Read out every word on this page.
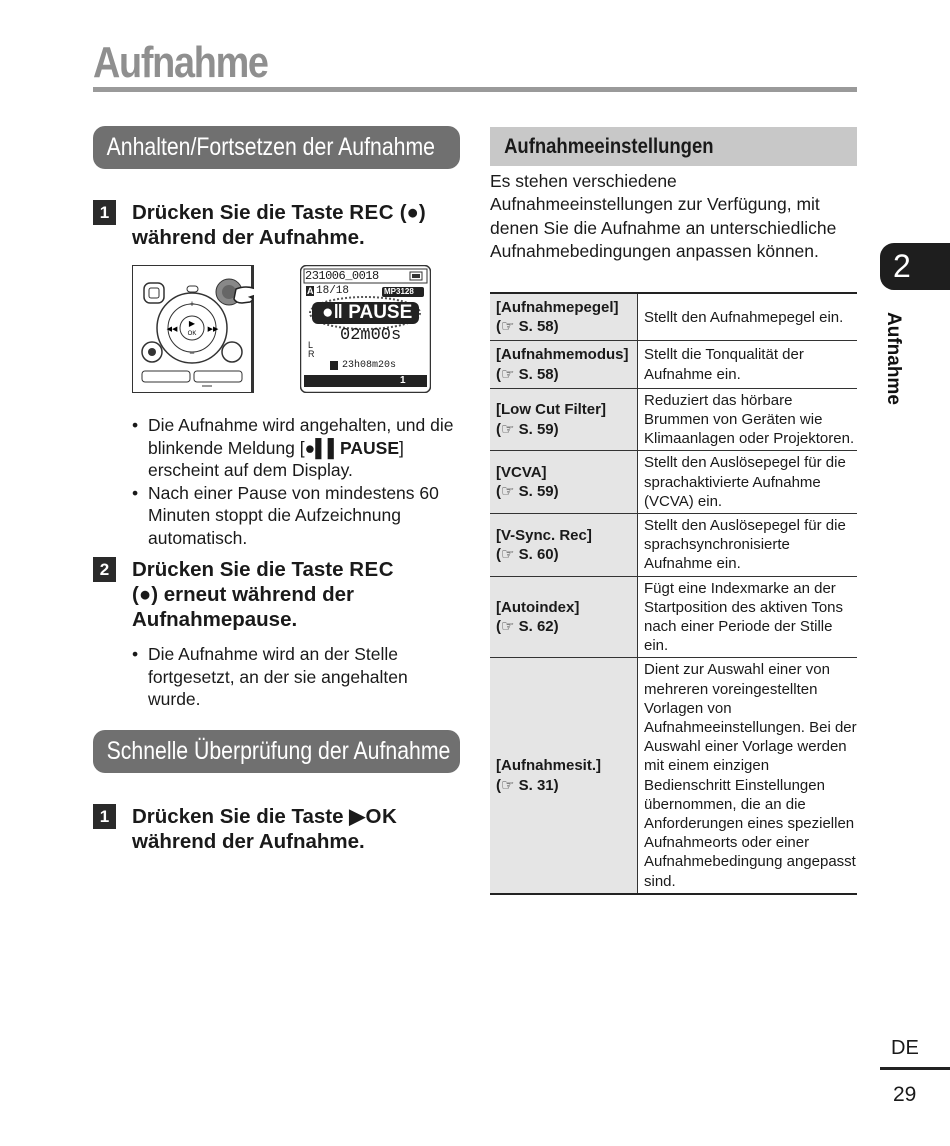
Aufnahme
2
Aufnahme
Anhalten/Fortsetzen der Aufnahme
1	Drücken Sie die Taste REC (●)
während der Aufnahme.
▶
OK
+
−
◀◀	▶▶
231006_0018
A 18/18	MP3128
●‖ PAUSE
02m00s
L
R
23h08m20s
1
• Die Aufnahme wird angehalten, und die blinkende Meldung [●▌▌PAUSE] erscheint auf dem Display.
• Nach einer Pause von mindestens 60 Minuten stoppt die Aufzeichnung automatisch.
2	Drücken Sie die Taste REC
(●) erneut während der Aufnahmepause.
• Die Aufnahme wird an der Stelle fortgesetzt, an der sie angehalten wurde.
Schnelle Überprüfung der Aufnahme
1	Drücken Sie die Taste ▶OK
während der Aufnahme.
Aufnahmeeinstellungen
Es stehen verschiedene Aufnahmeeinstellungen zur Verfügung, mit denen Sie die Aufnahme an unterschiedliche Aufnahmebedingungen anpassen können.
[Aufnahmepegel]
(☞ S. 58)	Stellt den Aufnahmepegel ein.
[Aufnahmemodus]
(☞ S. 58)	Stellt die Tonqualität der Aufnahme ein.
[Low Cut Filter]
(☞ S. 59)	Reduziert das hörbare Brummen von Geräten wie Klimaanlagen oder Projektoren.
[VCVA]
(☞ S. 59)	Stellt den Auslösepegel für die sprachaktivierte Aufnahme (VCVA) ein.
[V-Sync. Rec]
(☞ S. 60)	Stellt den Auslösepegel für die sprachsynchronisierte Aufnahme ein.
[Autoindex]
(☞ S. 62)	Fügt eine Indexmarke an der Startposition des aktiven Tons nach einer Periode der Stille ein.
[Aufnahmesit.]
(☞ S. 31)	Dient zur Auswahl einer von mehreren voreingestellten Vorlagen von Aufnahmeeinstellungen. Bei der Auswahl einer Vorlage werden mit einem einzigen Bedienschritt Einstellungen übernommen, die an die Anforderungen eines speziellen Aufnahmeorts oder einer Aufnahmebedingung angepasst sind.
DE
29
